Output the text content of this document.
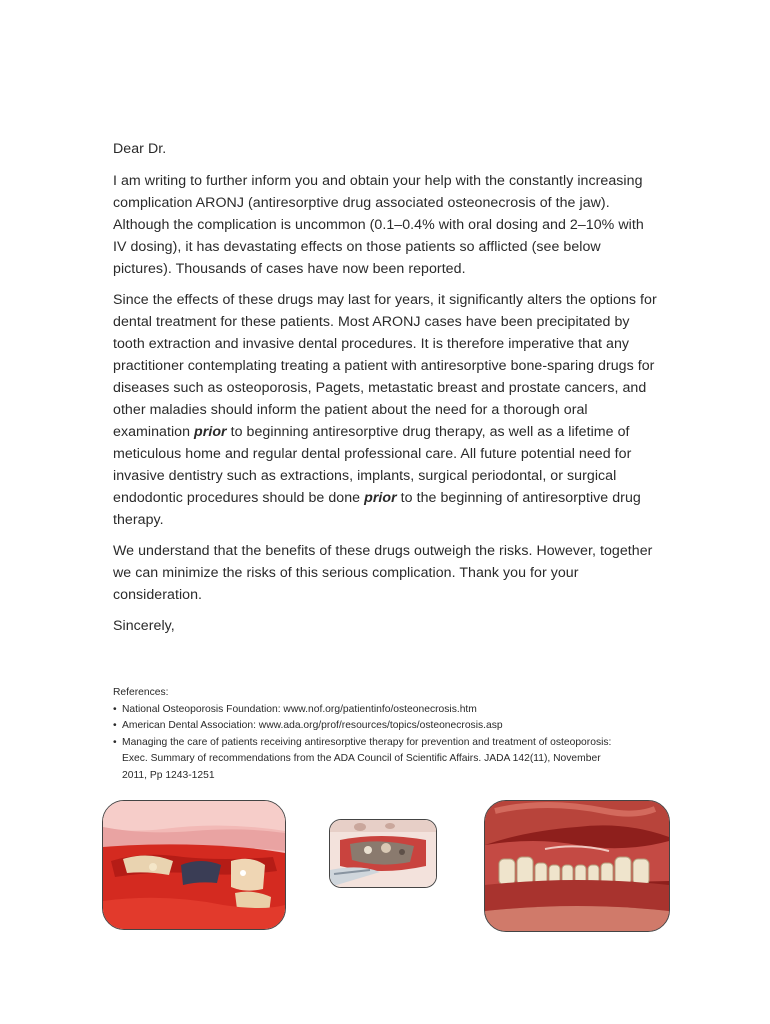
Dear Dr.

I am writing to further inform you and obtain your help with the constantly increasing complication ARONJ (antiresorptive drug associated osteonecrosis of the jaw). Although the complication is uncommon (0.1–0.4% with oral dosing and 2–10% with IV dosing), it has devastating effects on those patients so afflicted (see below pictures). Thousands of cases have now been reported.

Since the effects of these drugs may last for years, it significantly alters the options for dental treatment for these patients. Most ARONJ cases have been precipitated by tooth extraction and invasive dental procedures. It is therefore imperative that any practitioner contemplating treating a patient with antiresorptive bone-sparing drugs for diseases such as osteoporosis, Pagets, metastatic breast and prostate cancers, and other maladies should inform the patient about the need for a thorough oral examination prior to beginning antiresorptive drug therapy, as well as a lifetime of meticulous home and regular dental professional care. All future potential need for invasive dentistry such as extractions, implants, surgical periodontal, or surgical endodontic procedures should be done prior to the beginning of antiresorptive drug therapy.

We understand that the benefits of these drugs outweigh the risks. However, together we can minimize the risks of this serious complication. Thank you for your consideration.

Sincerely,

References:
• National Osteoporosis Foundation: www.nof.org/patientinfo/osteonecrosis.htm
• American Dental Association: www.ada.org/prof/resources/topics/osteonecrosis.asp
• Managing the care of patients receiving antiresorptive therapy for prevention and treatment of osteoporosis: Exec. Summary of recommendations from the ADA Council of Scientific Affairs. JADA 142(11), November 2011, Pp 1243-1251
